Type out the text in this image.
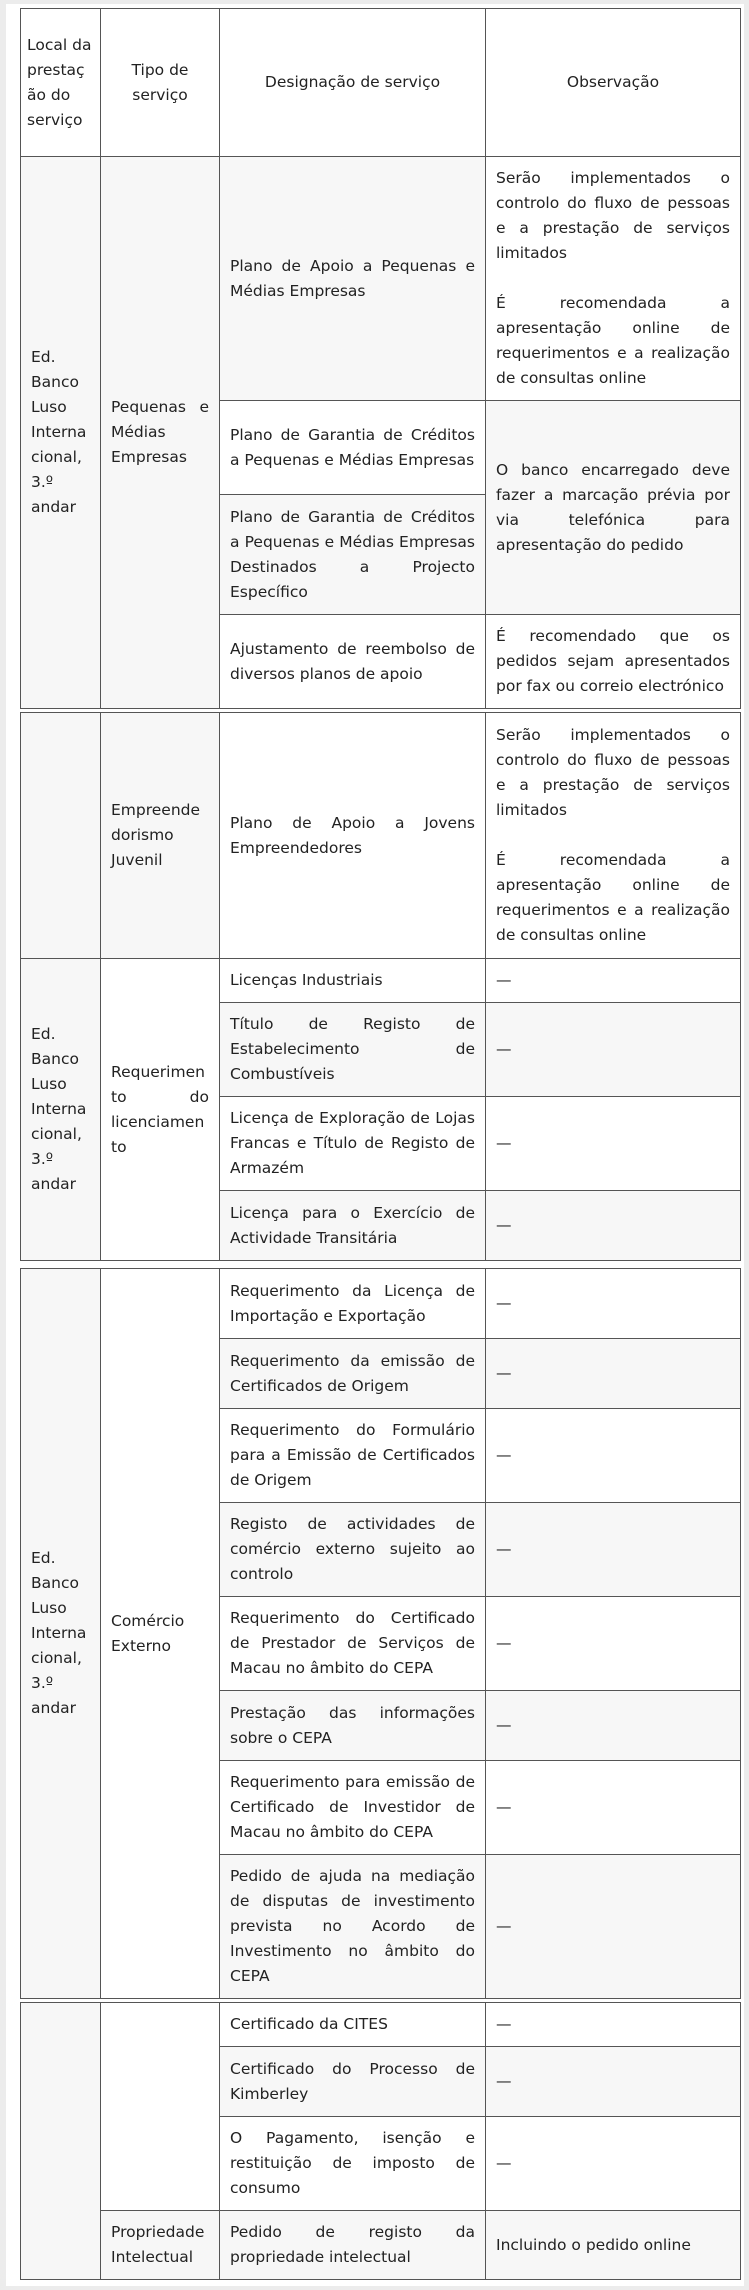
Local da prestação do serviço	Tipo de serviço	Designação de serviço	Observação
Ed. Banco Luso Internacional, 3.º andar	Pequenas e Médias Empresas	Plano de Apoio a Pequenas e Médias Empresas	Serão implementados o controlo do fluxo de pessoas e a prestação de serviços limitados
É recomendada a apresentação online de requerimentos e a realização de consultas online
		Plano de Garantia de Créditos a Pequenas e Médias Empresas	O banco encarregado deve fazer a marcação prévia por via telefónica para apresentação do pedido
		Plano de Garantia de Créditos a Pequenas e Médias Empresas Destinados a Projecto Específico	
		Ajustamento de reembolso de diversos planos de apoio	É recomendado que os pedidos sejam apresentados por fax ou correio electrónico
	Empreendedorismo Juvenil	Plano de Apoio a Jovens Empreendedores	Serão implementados o controlo do fluxo de pessoas e a prestação de serviços limitados
É recomendada a apresentação online de requerimentos e a realização de consultas online
Ed. Banco Luso Internacional, 3.º andar	Requerimento do licenciamento	Licenças Industriais	—
		Título de Registo de Estabelecimento de Combustíveis	—
		Licença de Exploração de Lojas Francas e Título de Registo de Armazém	—
		Licença para o Exercício de Actividade Transitária	—
Ed. Banco Luso Internacional, 3.º andar	Comércio Externo	Requerimento da Licença de Importação e Exportação	—
		Requerimento da emissão de Certificados de Origem	—
		Requerimento do Formulário para a Emissão de Certificados de Origem	—
		Registo de actividades de comércio externo sujeito ao controlo	—
		Requerimento do Certificado de Prestador de Serviços de Macau no âmbito do CEPA	—
		Prestação das informações sobre o CEPA	—
		Requerimento para emissão de Certificado de Investidor de Macau no âmbito do CEPA	—
		Pedido de ajuda na mediação de disputas de investimento prevista no Acordo de Investimento no âmbito do CEPA	—
		Certificado da CITES	—
		Certificado do Processo de Kimberley	—
		O Pagamento, isenção e restituição de imposto de consumo	—
	Propriedade Intelectual	Pedido de registo da propriedade intelectual	Incluindo o pedido online
